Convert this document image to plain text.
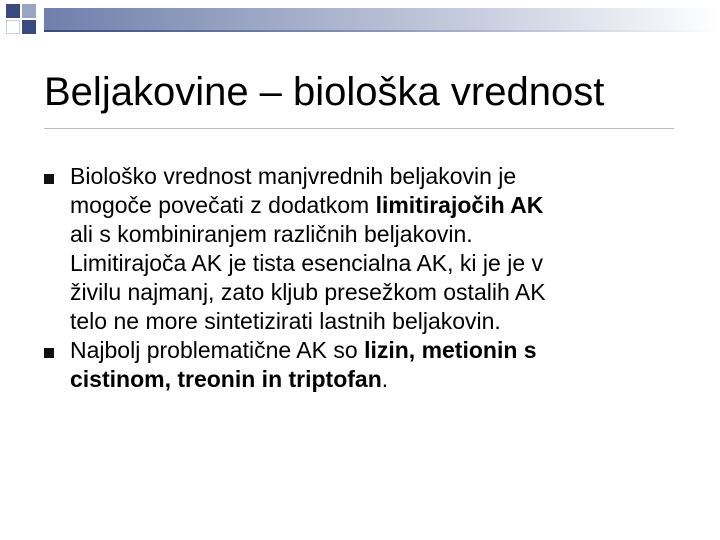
Beljakovine – biološka vrednost
Biološko vrednost manjvrednih beljakovin je
mogoče povečati z dodatkom limitirajočih AK
ali s kombiniranjem različnih beljakovin.
Limitirajoča AK je tista esencialna AK, ki je je v
živilu najmanj, zato kljub presežkom ostalih AK
telo ne more sintetizirati lastnih beljakovin.
Najbolj problematične AK so lizin, metionin s
cistinom, treonin in triptofan.
